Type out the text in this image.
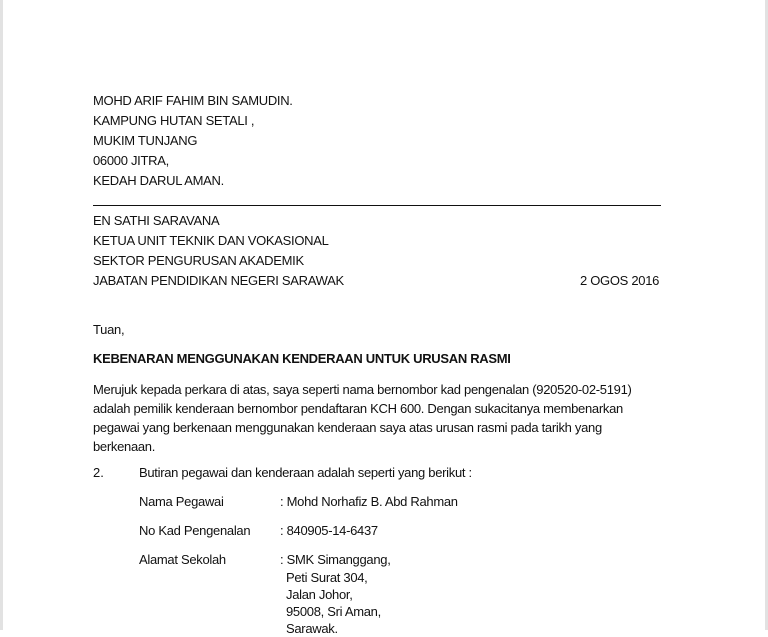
MOHD ARIF FAHIM BIN SAMUDIN.
KAMPUNG HUTAN SETALI ,
MUKIM TUNJANG
06000 JITRA,
KEDAH DARUL AMAN.
EN SATHI SARAVANA
KETUA UNIT TEKNIK DAN VOKASIONAL
SEKTOR PENGURUSAN AKADEMIK
JABATAN PENDIDIKAN NEGERI SARAWAK	2 OGOS 2016
Tuan,
KEBENARAN MENGGUNAKAN KENDERAAN UNTUK URUSAN RASMI
Merujuk kepada perkara di atas, saya seperti nama bernombor kad pengenalan (920520-02-5191)
adalah pemilik kenderaan bernombor pendaftaran KCH 600. Dengan sukacitanya membenarkan
pegawai yang berkenaan menggunakan kenderaan saya atas urusan rasmi pada tarikh yang
berkenaan.
2.	Butiran pegawai dan kenderaan adalah seperti yang berikut :
Nama Pegawai	: Mohd Norhafiz B. Abd Rahman
No Kad Pengenalan : 840905-14-6437
Alamat Sekolah	: SMK Simanggang,
Peti Surat 304,
Jalan Johor,
95008, Sri Aman,
Sarawak.
